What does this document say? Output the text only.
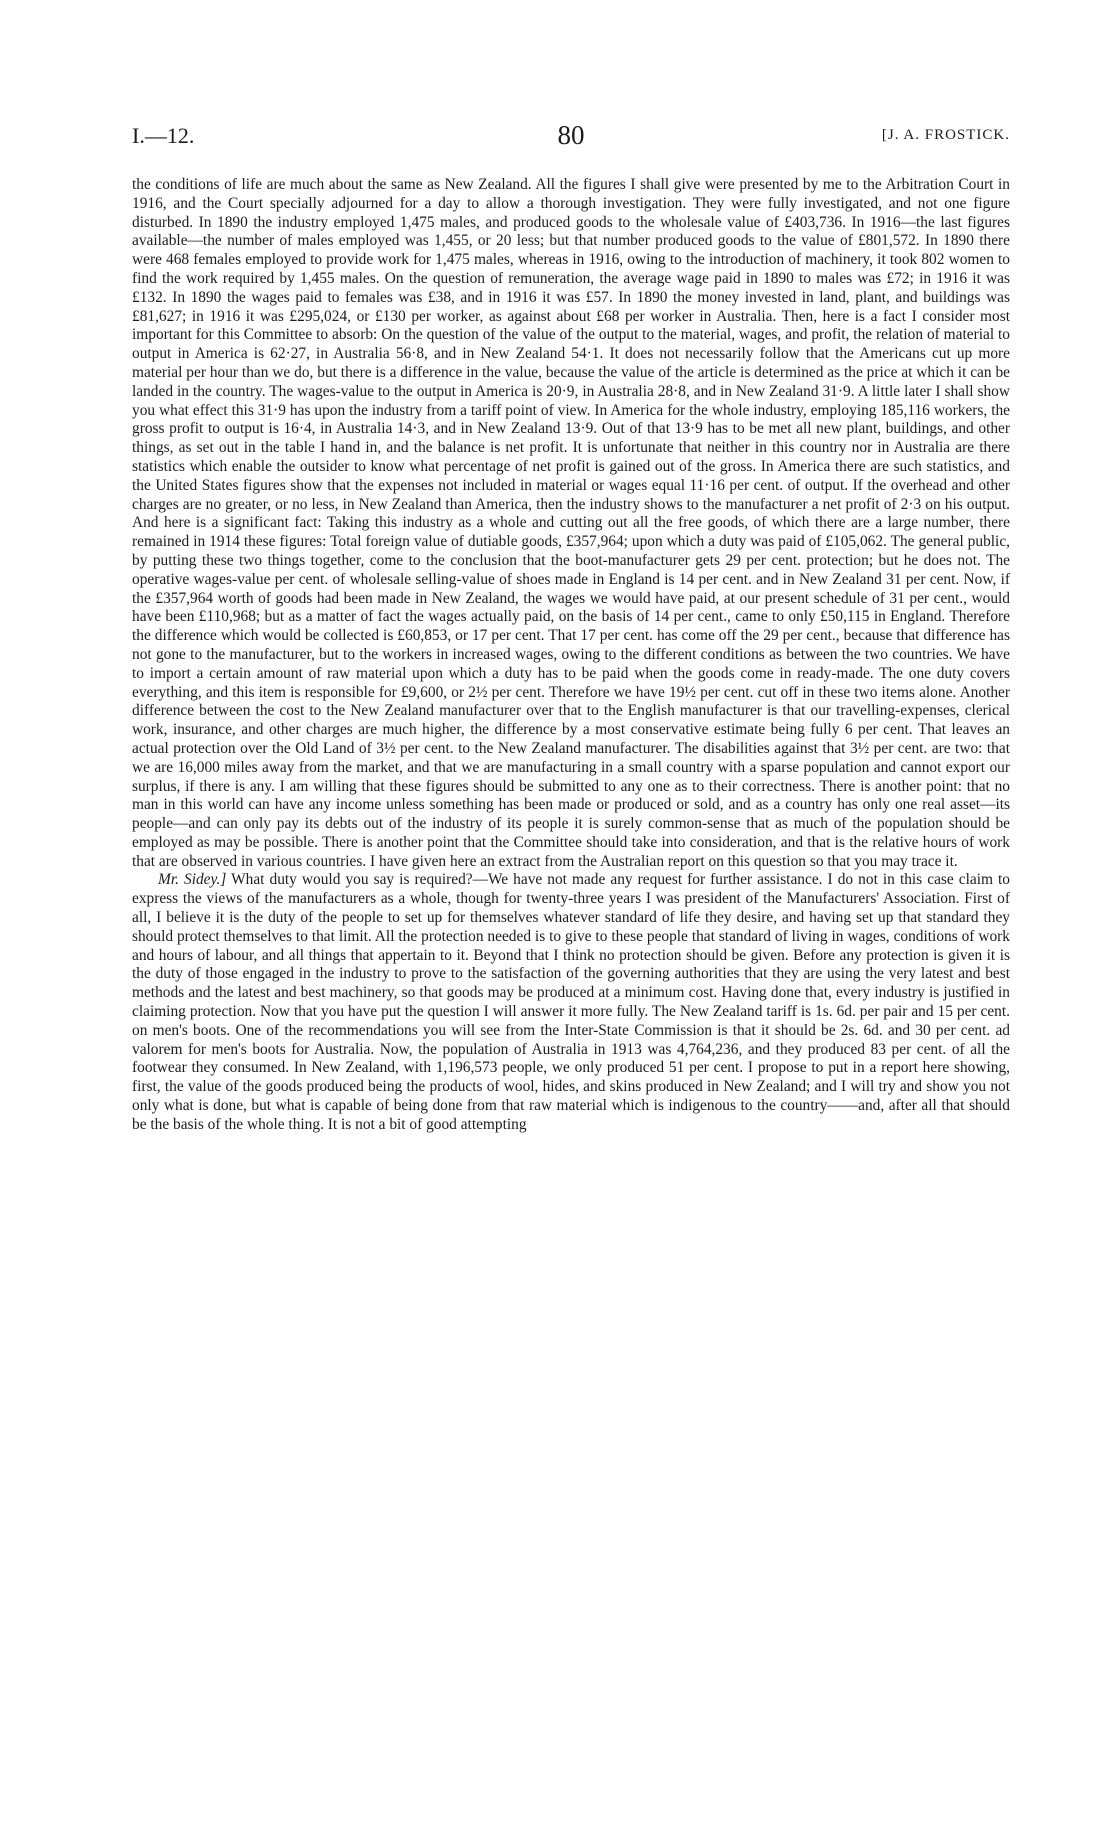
I.—12.	80	[J. A. FROSTICK.

the conditions of life are much about the same as New Zealand. All the figures I shall give were presented by me to the Arbitration Court in 1916, and the Court specially adjourned for a day to allow a thorough investigation. They were fully investigated, and not one figure disturbed. In 1890 the industry employed 1,475 males, and produced goods to the wholesale value of £403,736. In 1916—the last figures available—the number of males employed was 1,455, or 20 less; but that number produced goods to the value of £801,572. In 1890 there were 468 females employed to provide work for 1,475 males, whereas in 1916, owing to the introduction of machinery, it took 802 women to find the work required by 1,455 males. On the question of remuneration, the average wage paid in 1890 to males was £72; in 1916 it was £132. In 1890 the wages paid to females was £38, and in 1916 it was £57. In 1890 the money invested in land, plant, and buildings was £81,627; in 1916 it was £295,024, or £130 per worker, as against about £68 per worker in Australia. Then, here is a fact I consider most important for this Committee to absorb: On the question of the value of the output to the material, wages, and profit, the relation of material to output in America is 62·27, in Australia 56·8, and in New Zealand 54·1. It does not necessarily follow that the Americans cut up more material per hour than we do, but there is a difference in the value, because the value of the article is determined as the price at which it can be landed in the country. The wages-value to the output in America is 20·9, in Australia 28·8, and in New Zealand 31·9. A little later I shall show you what effect this 31·9 has upon the industry from a tariff point of view. In America for the whole industry, employing 185,116 workers, the gross profit to output is 16·4, in Australia 14·3, and in New Zealand 13·9. Out of that 13·9 has to be met all new plant, buildings, and other things, as set out in the table I hand in, and the balance is net profit. It is unfortunate that neither in this country nor in Australia are there statistics which enable the outsider to know what percentage of net profit is gained out of the gross. In America there are such statistics, and the United States figures show that the expenses not included in material or wages equal 11·16 per cent. of output. If the overhead and other charges are no greater, or no less, in New Zealand than America, then the industry shows to the manufacturer a net profit of 2·3 on his output. And here is a significant fact: Taking this industry as a whole and cutting out all the free goods, of which there are a large number, there remained in 1914 these figures: Total foreign value of dutiable goods, £357,964; upon which a duty was paid of £105,062. The general public, by putting these two things together, come to the conclusion that the boot-manufacturer gets 29 per cent. protection; but he does not. The operative wages-value per cent. of wholesale selling-value of shoes made in England is 14 per cent. and in New Zealand 31 per cent. Now, if the £357,964 worth of goods had been made in New Zealand, the wages we would have paid, at our present schedule of 31 per cent., would have been £110,968; but as a matter of fact the wages actually paid, on the basis of 14 per cent., came to only £50,115 in England. Therefore the difference which would be collected is £60,853, or 17 per cent. That 17 per cent. has come off the 29 per cent., because that difference has not gone to the manufacturer, but to the workers in increased wages, owing to the different conditions as between the two countries. We have to import a certain amount of raw material upon which a duty has to be paid when the goods come in ready-made. The one duty covers everything, and this item is responsible for £9,600, or 2½ per cent. Therefore we have 19½ per cent. cut off in these two items alone. Another difference between the cost to the New Zealand manufacturer over that to the English manufacturer is that our travelling-expenses, clerical work, insurance, and other charges are much higher, the difference by a most conservative estimate being fully 6 per cent. That leaves an actual protection over the Old Land of 3½ per cent. to the New Zealand manufacturer. The disabilities against that 3½ per cent. are two: that we are 16,000 miles away from the market, and that we are manufacturing in a small country with a sparse population and cannot export our surplus, if there is any. I am willing that these figures should be submitted to any one as to their correctness. There is another point: that no man in this world can have any income unless something has been made or produced or sold, and as a country has only one real asset—its people—and can only pay its debts out of the industry of its people it is surely common-sense that as much of the population should be employed as may be possible. There is another point that the Committee should take into consideration, and that is the relative hours of work that are observed in various countries. I have given here an extract from the Australian report on this question so that you may trace it.

Mr. Sidey.] What duty would you say is required?—We have not made any request for further assistance. I do not in this case claim to express the views of the manufacturers as a whole, though for twenty-three years I was president of the Manufacturers' Association. First of all, I believe it is the duty of the people to set up for themselves whatever standard of life they desire, and having set up that standard they should protect themselves to that limit. All the protection needed is to give to these people that standard of living in wages, conditions of work and hours of labour, and all things that appertain to it. Beyond that I think no protection should be given. Before any protection is given it is the duty of those engaged in the industry to prove to the satisfaction of the governing authorities that they are using the very latest and best methods and the latest and best machinery, so that goods may be produced at a minimum cost. Having done that, every industry is justified in claiming protection. Now that you have put the question I will answer it more fully. The New Zealand tariff is 1s. 6d. per pair and 15 per cent. on men's boots. One of the recommendations you will see from the Inter-State Commission is that it should be 2s. 6d. and 30 per cent. ad valorem for men's boots for Australia. Now, the population of Australia in 1913 was 4,764,236, and they produced 83 per cent. of all the footwear they consumed. In New Zealand, with 1,196,573 people, we only produced 51 per cent. I propose to put in a report here showing, first, the value of the goods produced being the products of wool, hides, and skins produced in New Zealand; and I will try and show you not only what is done, but what is capable of being done from that raw material which is indigenous to the country——and, after all that should be the basis of the whole thing. It is not a bit of good attempting
